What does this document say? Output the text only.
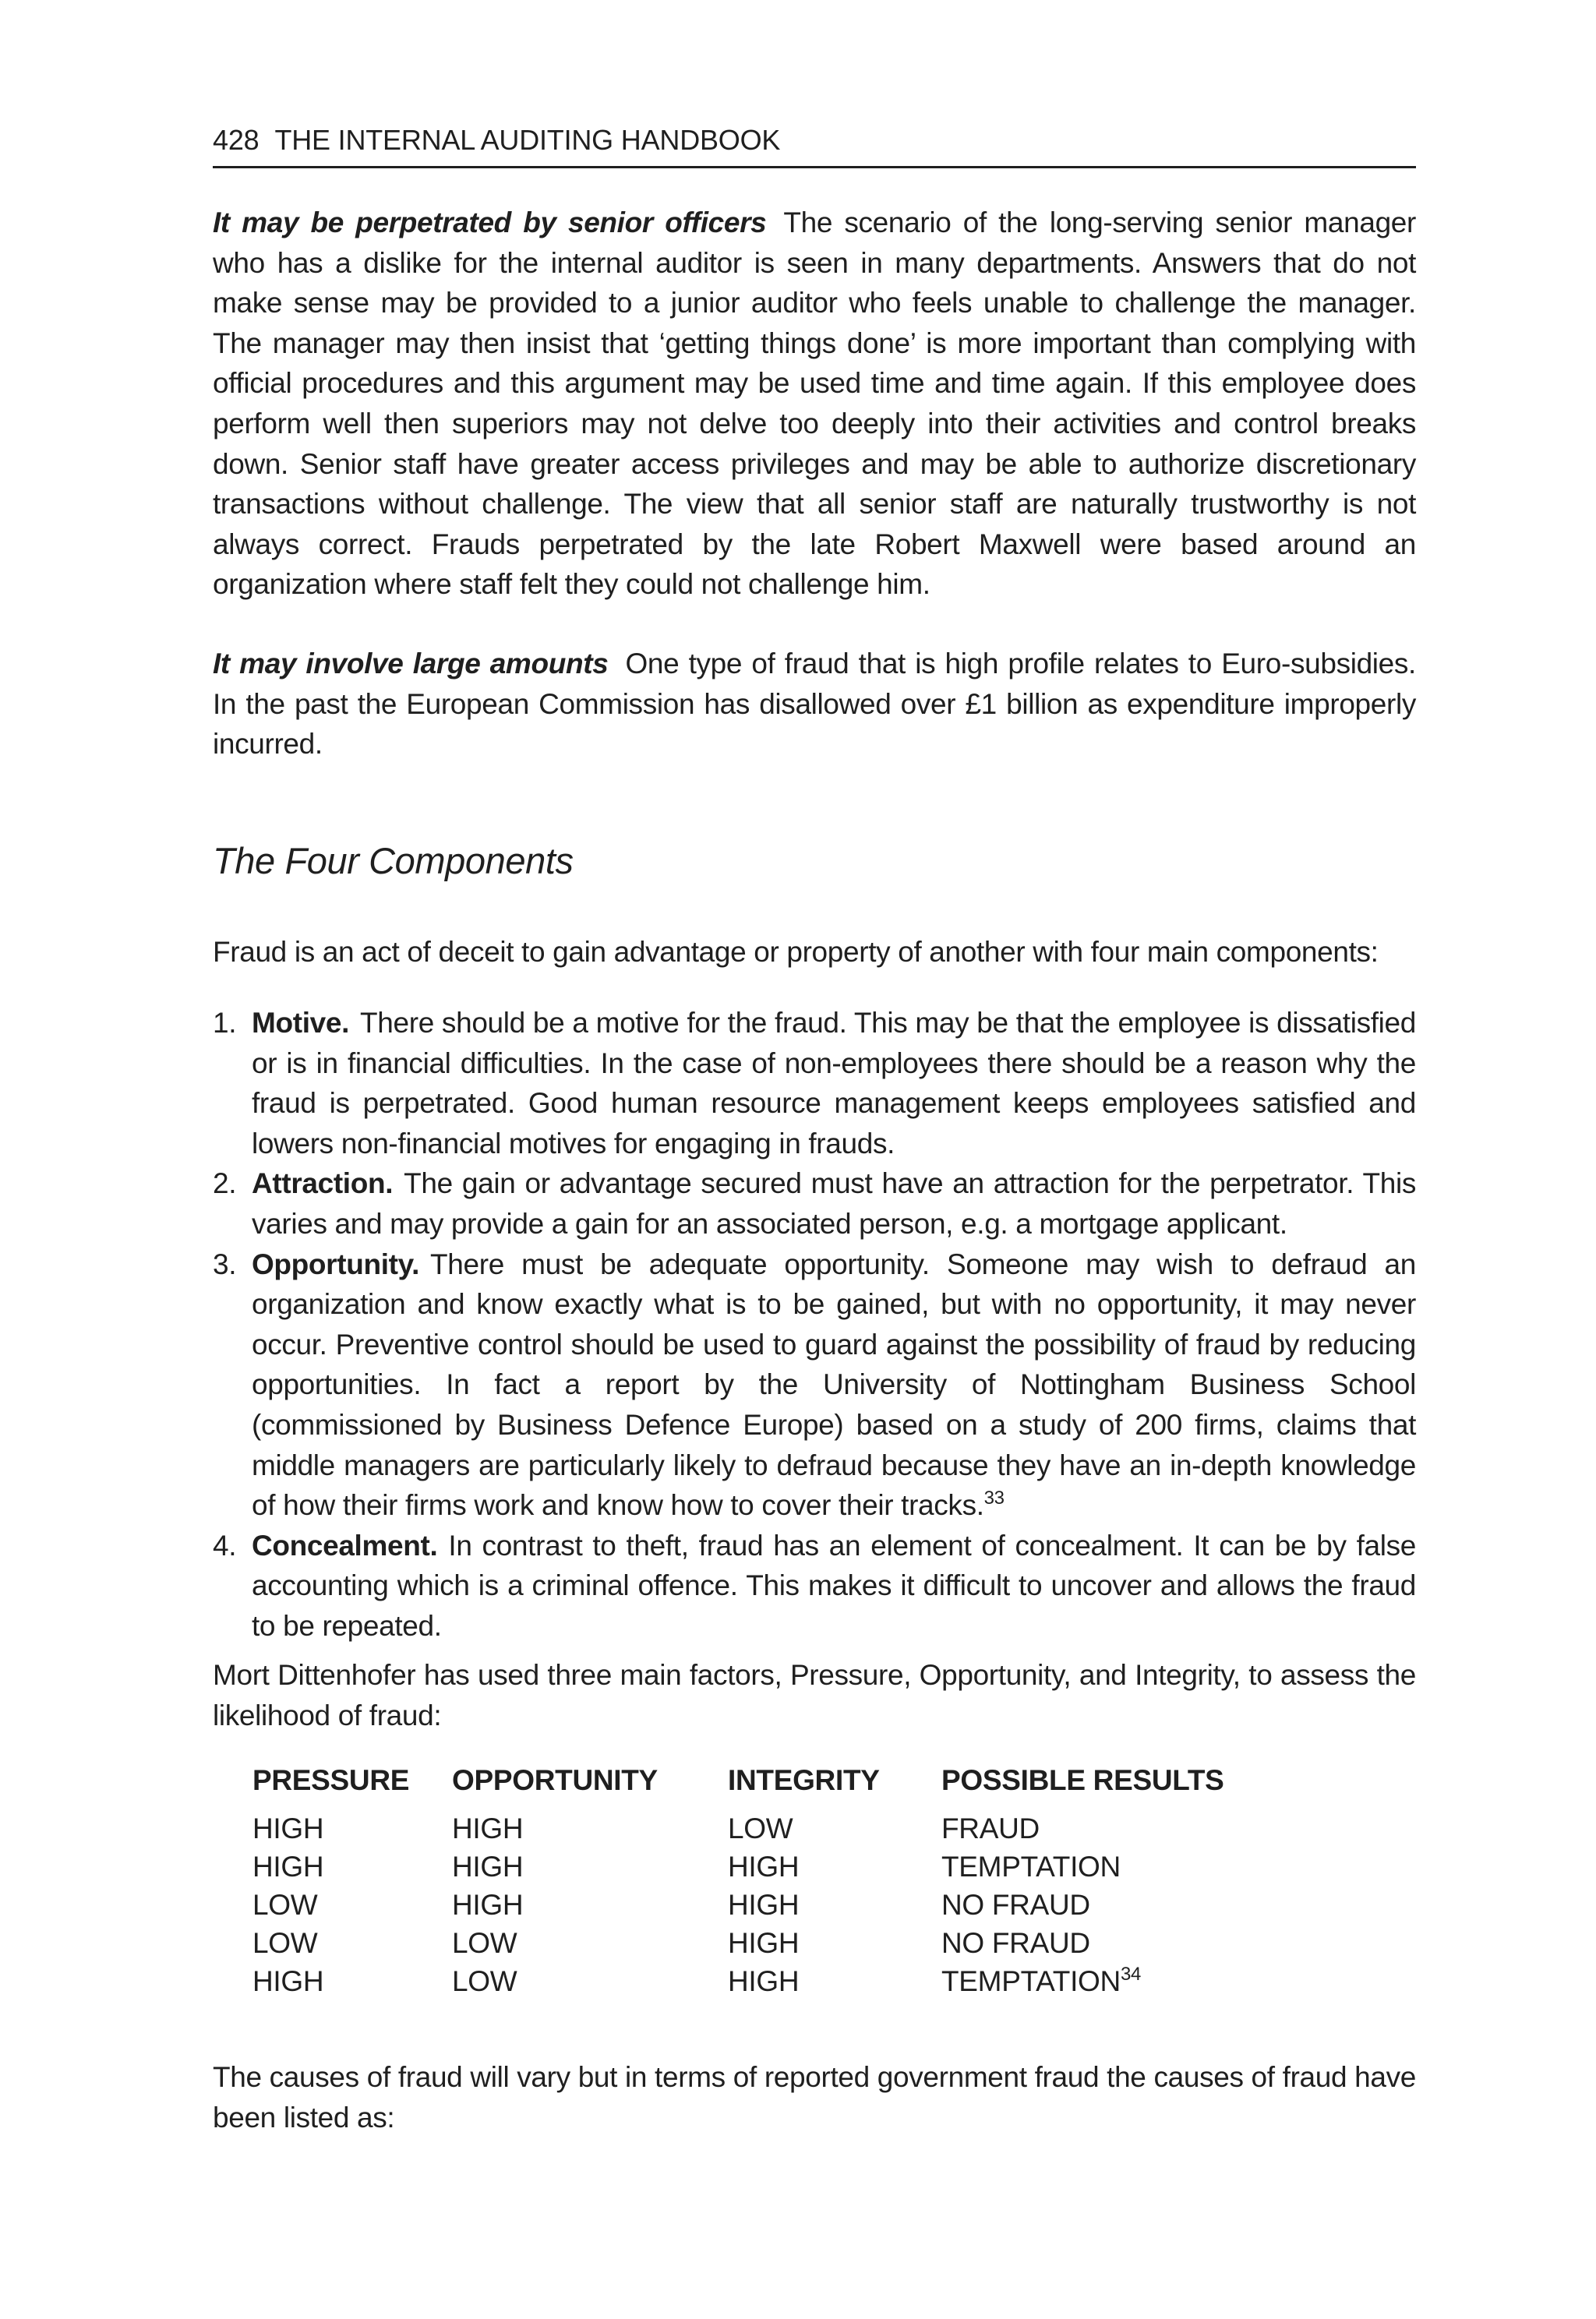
428 THE INTERNAL AUDITING HANDBOOK

It may be perpetrated by senior officers The scenario of the long-serving senior manager who has a dislike for the internal auditor is seen in many departments. Answers that do not make sense may be provided to a junior auditor who feels unable to challenge the manager. The manager may then insist that ‘getting things done’ is more important than complying with official procedures and this argument may be used time and time again. If this employee does perform well then superiors may not delve too deeply into their activities and control breaks down. Senior staff have greater access privileges and may be able to authorize discretionary transactions without challenge. The view that all senior staff are naturally trustworthy is not always correct. Frauds perpetrated by the late Robert Maxwell were based around an organization where staff felt they could not challenge him.

It may involve large amounts One type of fraud that is high profile relates to Euro-subsidies. In the past the European Commission has disallowed over £1 billion as expenditure improperly incurred.

The Four Components

Fraud is an act of deceit to gain advantage or property of another with four main components:

1. Motive. There should be a motive for the fraud. This may be that the employee is dissatisfied or is in financial difficulties. In the case of non-employees there should be a reason why the fraud is perpetrated. Good human resource management keeps employees satisfied and lowers non-financial motives for engaging in frauds.
2. Attraction. The gain or advantage secured must have an attraction for the perpetrator. This varies and may provide a gain for an associated person, e.g. a mortgage applicant.
3. Opportunity. There must be adequate opportunity. Someone may wish to defraud an organization and know exactly what is to be gained, but with no opportunity, it may never occur. Preventive control should be used to guard against the possibility of fraud by reducing opportunities. In fact a report by the University of Nottingham Business School (commissioned by Business Defence Europe) based on a study of 200 firms, claims that middle managers are particularly likely to defraud because they have an in-depth knowledge of how their firms work and know how to cover their tracks.$^{33}$
4. Concealment. In contrast to theft, fraud has an element of concealment. It can be by false accounting which is a criminal offence. This makes it difficult to uncover and allows the fraud to be repeated.

Mort Dittenhofer has used three main factors, Pressure, Opportunity, and Integrity, to assess the likelihood of fraud:

PRESSURE	OPPORTUNITY	INTEGRITY	POSSIBLE RESULTS
HIGH	HIGH	LOW	FRAUD
HIGH	HIGH	HIGH	TEMPTATION
LOW	HIGH	HIGH	NO FRAUD
LOW	LOW	HIGH	NO FRAUD
HIGH	LOW	HIGH	TEMPTATION$^{34}$

The causes of fraud will vary but in terms of reported government fraud the causes of fraud have been listed as:
